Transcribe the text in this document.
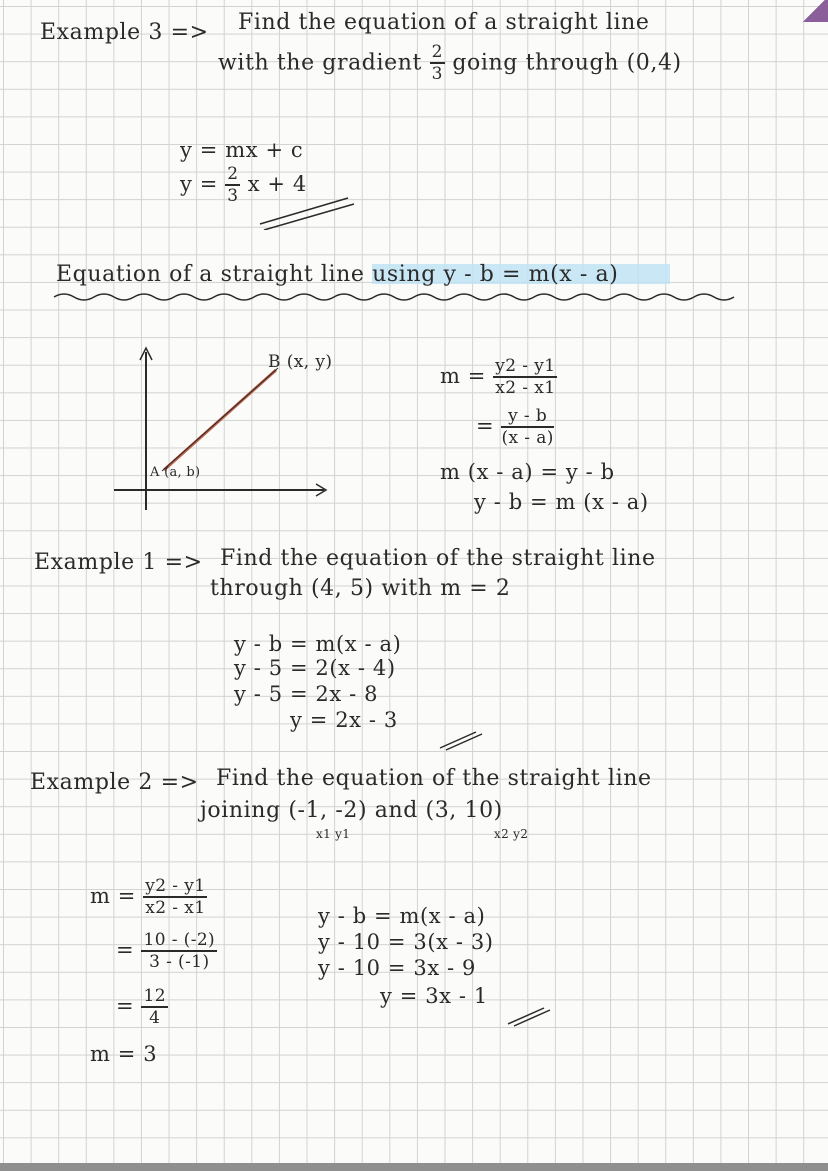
Example 3 => Find the equation of a straight line
with the gradient $\frac{2}{3}$ going through (0,4)
y = mx + c
$y = \frac{2}{3}$ x + 4
Equation of a straight line using y - b = m(x - a)
B (x, y)
A (a, b)
$m = \frac{y2 - y1}{x2 - x1}$
= $\frac{y - b}{(x - a)}$
m (x - a) = y - b
y - b = m (x - a)
Example 1 => Find the equation of the straight line
through (4, 5) with m = 2
y - b = m(x - a)
y - 5 = 2(x - 4)
y - 5 = 2x - 8
y = 2x - 3
Example 2 => Find the equation of the straight line
joining (-1, -2) and (3, 10)
x1 y1	x2 y2
$m = \frac{y2 - y1}{x2 - x1}$
= $\frac{10 - (-2)}{3 - (-1)}$
= $\frac{12}{4}$
m = 3
y - b = m(x - a)
y - 10 = 3(x - 3)
y - 10 = 3x - 9
y = 3x - 1
